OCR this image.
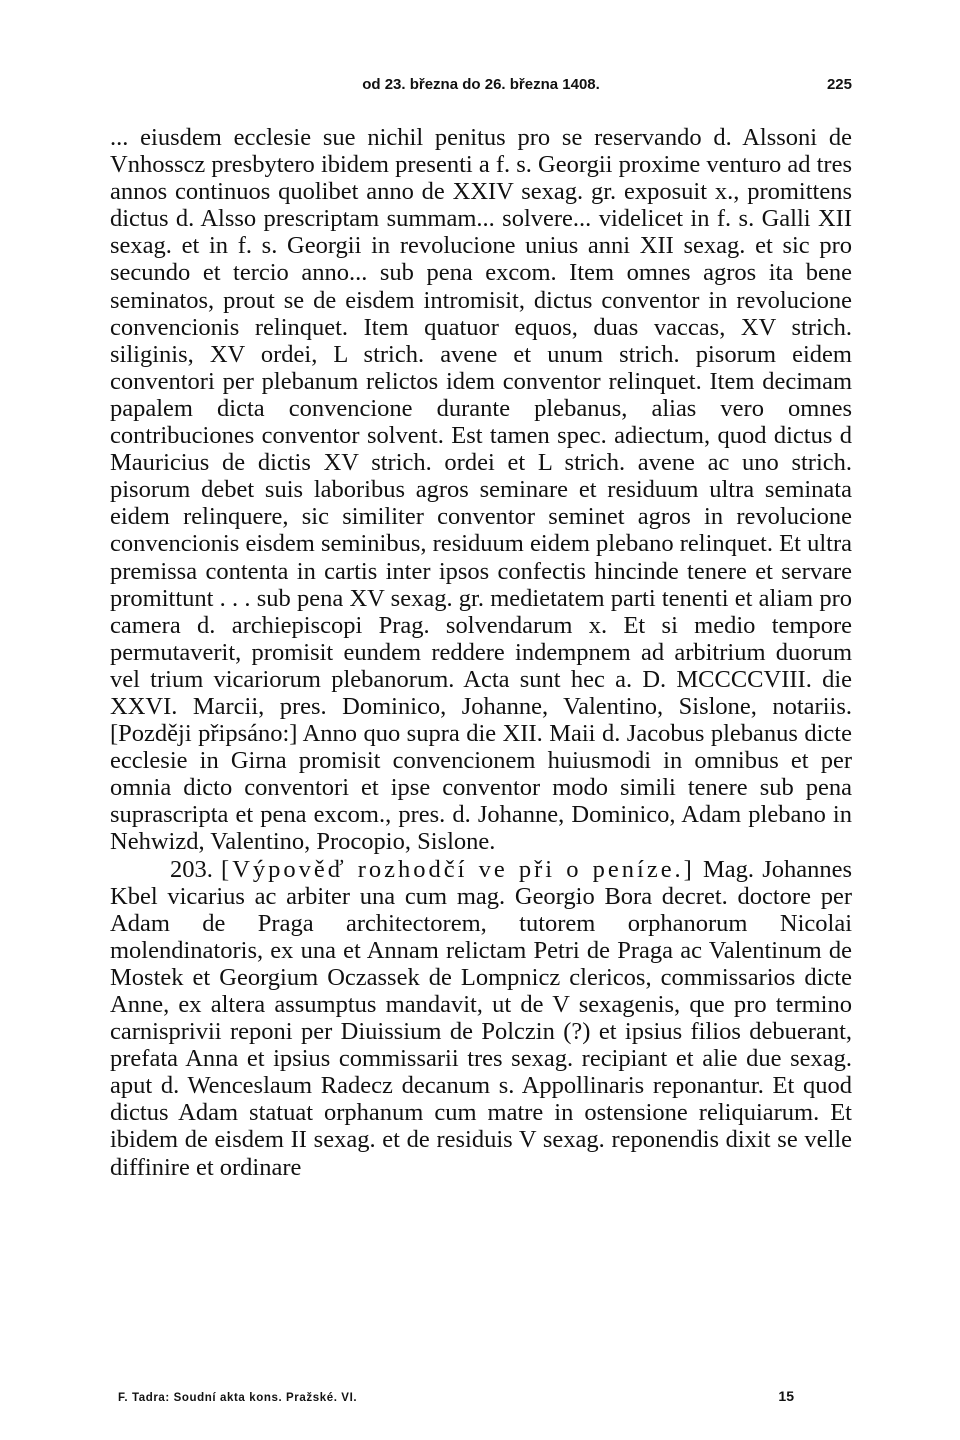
od 23. března do 26. března 1408.	225

... eiusdem ecclesie sue nichil penitus pro se reservando d. Alssoni de Vnhosscz presbytero ibidem presenti a f. s. Georgii proxime venturo ad tres annos continuos quolibet anno de XXIV sexag. gr. exposuit x., promittens dictus d. Alsso prescriptam summam... solvere... videlicet in f. s. Galli XII sexag. et in f. s. Georgii in revolucione unius anni XII sexag. et sic pro secundo et tercio anno... sub pena excom. Item omnes agros ita bene seminatos, prout se de eisdem intromisit, dictus conventor in revolucione convencionis relinquet. Item quatuor equos, duas vaccas, XV strich. siliginis, XV ordei, L strich. avene et unum strich. pisorum eidem conventori per plebanum relictos idem conventor relinquet. Item decimam papalem dicta convencione durante plebanus, alias vero omnes contribuciones conventor solvent. Est tamen spec. adiectum, quod dictus d Mauricius de dictis XV strich. ordei et L strich. avene ac uno strich. pisorum debet suis laboribus agros seminare et residuum ultra seminata eidem relinquere, sic similiter conventor seminet agros in revolucione convencionis eisdem seminibus, residuum eidem plebano relinquet. Et ultra premissa contenta in cartis inter ipsos confectis hincinde tenere et servare promittunt . . . sub pena XV sexag. gr. medietatem parti tenenti et aliam pro camera d. archiepiscopi Prag. solvendarum x. Et si medio tempore permutaverit, promisit eundem reddere indempnem ad arbitrium duorum vel trium vicariorum plebanorum. Acta sunt hec a. D. MCCCCVIII. die XXVI. Marcii, pres. Dominico, Johanne, Valentino, Sislone, notariis. [Později připsáno:] Anno quo supra die XII. Maii d. Jacobus plebanus dicte ecclesie in Girna promisit convencionem huiusmodi in omnibus et per omnia dicto conventori et ipse conventor modo simili tenere sub pena suprascripta et pena excom., pres. d. Johanne, Dominico, Adam plebano in Nehwizd, Valentino, Procopio, Sislone.

203. [Výpověď rozhodčí ve při o peníze.] Mag. Johannes Kbel vicarius ac arbiter una cum mag. Georgio Bora decret. doctore per Adam de Praga architectorem, tutorem orphanorum Nicolai molendinatoris, ex una et Annam relictam Petri de Praga ac Valentinum de Mostek et Georgium Oczassek de Lompnicz clericos, commissarios dicte Anne, ex altera assumptus mandavit, ut de V sexagenis, que pro termino carnisprivii reponi per Diuissium de Polczin (?) et ipsius filios debuerant, prefata Anna et ipsius commissarii tres sexag. recipiant et alie due sexag. aput d. Wenceslaum Radecz decanum s. Appollinaris reponantur. Et quod dictus Adam statuat orphanum cum matre in ostensione reliquiarum. Et ibidem de eisdem II sexag. et de residuis V sexag. reponendis dixit se velle diffinire et ordinare

F. Tadra: Soudní akta kons. Pražské. VI.	15
